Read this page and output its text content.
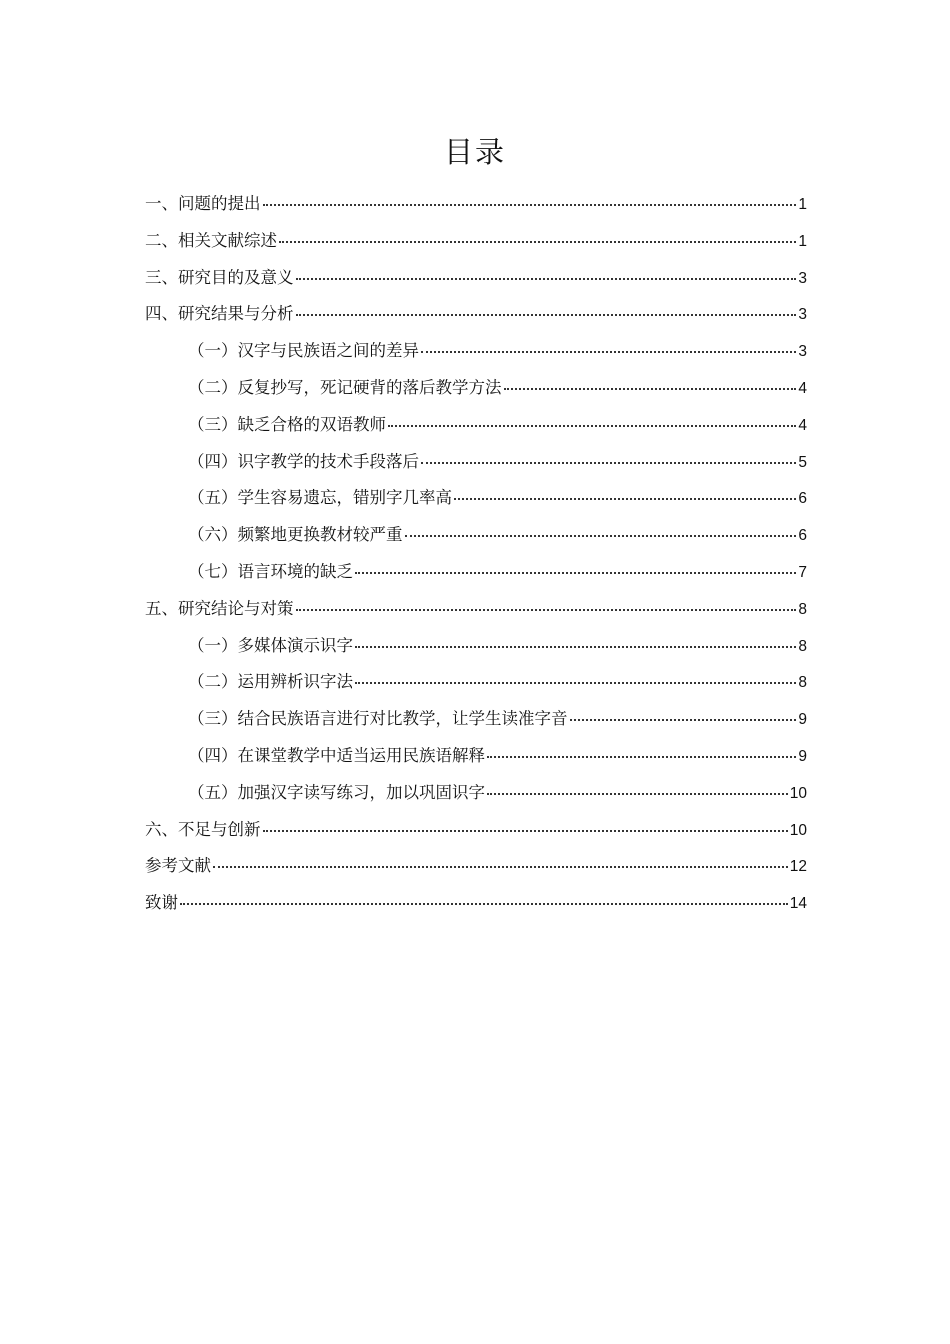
目录
一、问题的提出	1
二、相关文献综述	1
三、研究目的及意义	3
四、研究结果与分析	3
（一）汉字与民族语之间的差异	3
（二）反复抄写，死记硬背的落后教学方法	4
（三）缺乏合格的双语教师	4
（四）识字教学的技术手段落后	5
（五）学生容易遗忘，错别字几率高	6
（六）频繁地更换教材较严重	6
（七）语言环境的缺乏	7
五、研究结论与对策	8
（一）多媒体演示识字	8
（二）运用辨析识字法	8
（三）结合民族语言进行对比教学，让学生读准字音	9
（四）在课堂教学中适当运用民族语解释	9
（五）加强汉字读写练习，加以巩固识字	10
六、不足与创新	10
参考文献	12
致谢	14
